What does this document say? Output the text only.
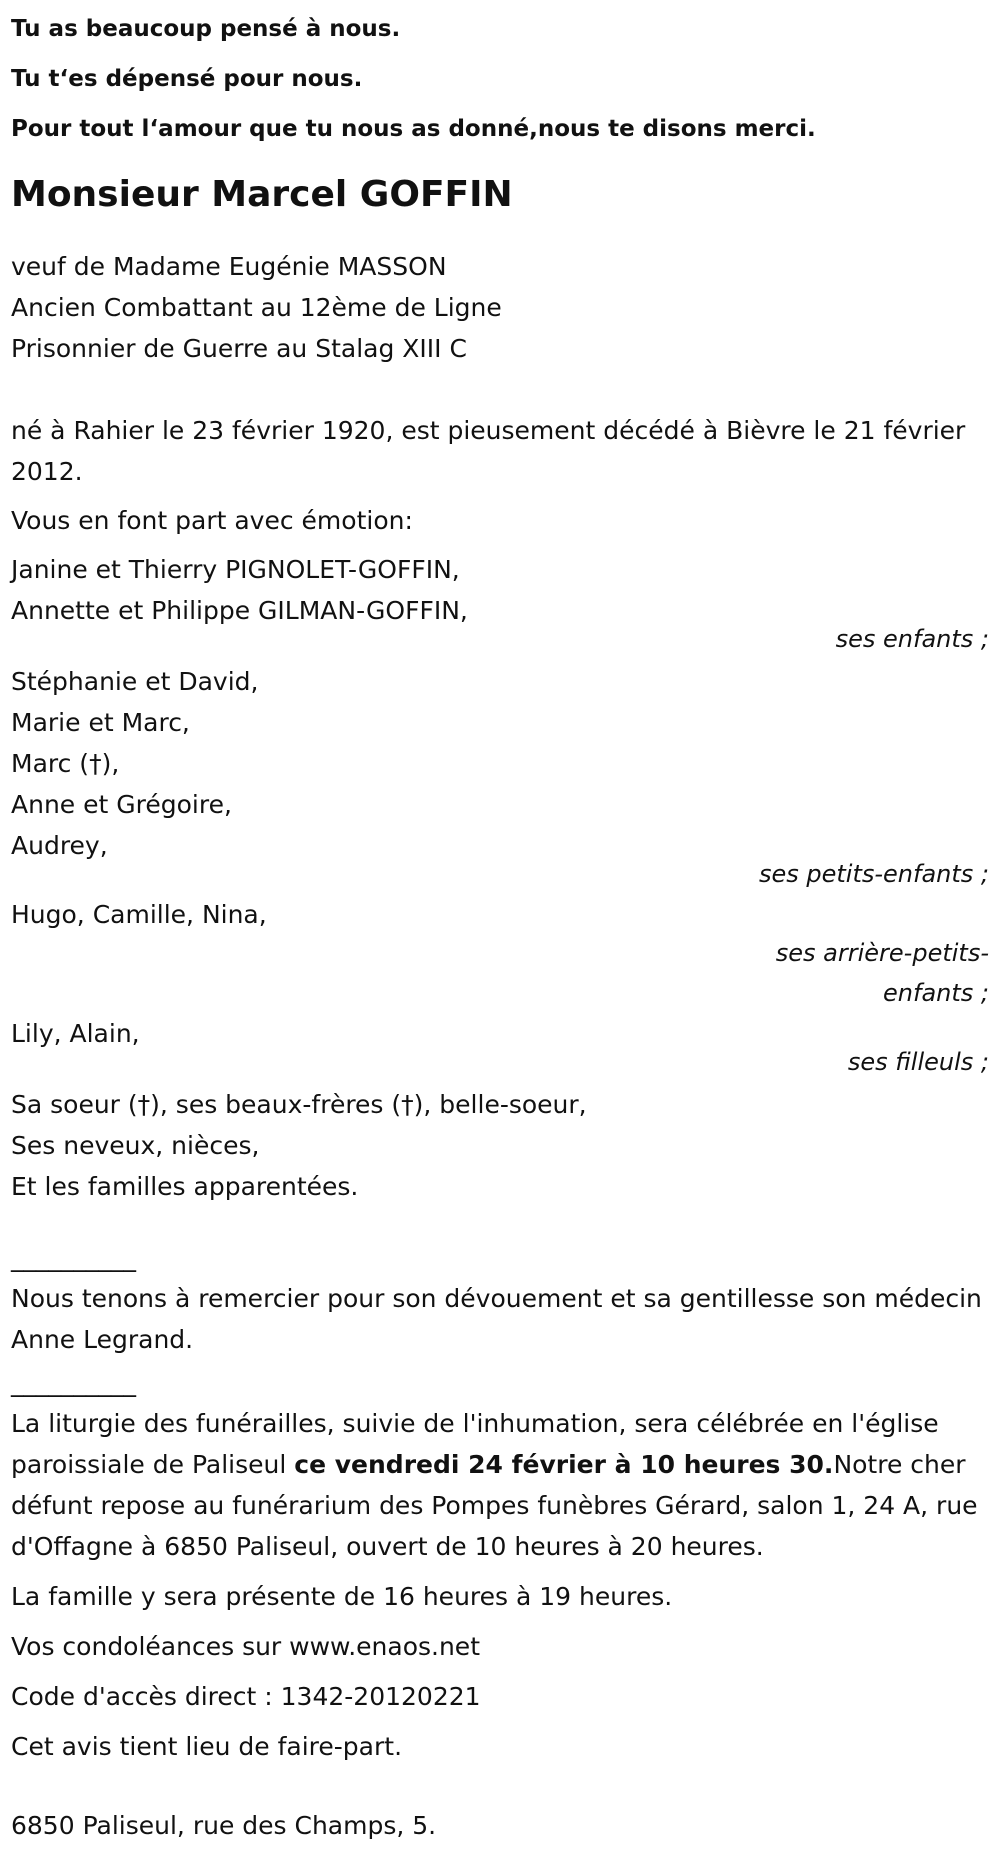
Tu as beaucoup pensé à nous.

Tu t‘es dépensé pour nous.

Pour tout l‘amour que tu nous as donné,nous te disons merci.

Monsieur Marcel GOFFIN
veuf de Madame Eugénie MASSON
Ancien Combattant au 12ème de Ligne
Prisonnier de Guerre au Stalag XIII C
né à Rahier le 23 février 1920, est pieusement décédé à Bièvre le 21 février 2012.
Vous en font part avec émotion:
Janine et Thierry PIGNOLET-GOFFIN,
Annette et Philippe GILMAN-GOFFIN,
ses enfants ;
Stéphanie et David,
Marie et Marc,
Marc (†),
Anne et Grégoire,
Audrey,
ses petits-enfants ;
Hugo, Camille, Nina,
ses arrière-petits-enfants ;
Lily, Alain,
ses filleuls ;
Sa soeur (†), ses beaux-frères (†), belle-soeur,
Ses neveux, nièces,
Et les familles apparentées.
__________
Nous tenons à remercier pour son dévouement et sa gentillesse son médecin Anne Legrand.
__________
La liturgie des funérailles, suivie de l'inhumation, sera célébrée en l'église paroissiale de Paliseul ce vendredi 24 février à 10 heures 30.Notre cher défunt repose au funérarium des Pompes funèbres Gérard, salon 1, 24 A, rue d'Offagne à 6850 Paliseul, ouvert de 10 heures à 20 heures.
La famille y sera présente de 16 heures à 19 heures.
Vos condoléances sur www.enaos.net
Code d'accès direct : 1342-20120221
Cet avis tient lieu de faire-part.
6850 Paliseul, rue des Champs, 5.
